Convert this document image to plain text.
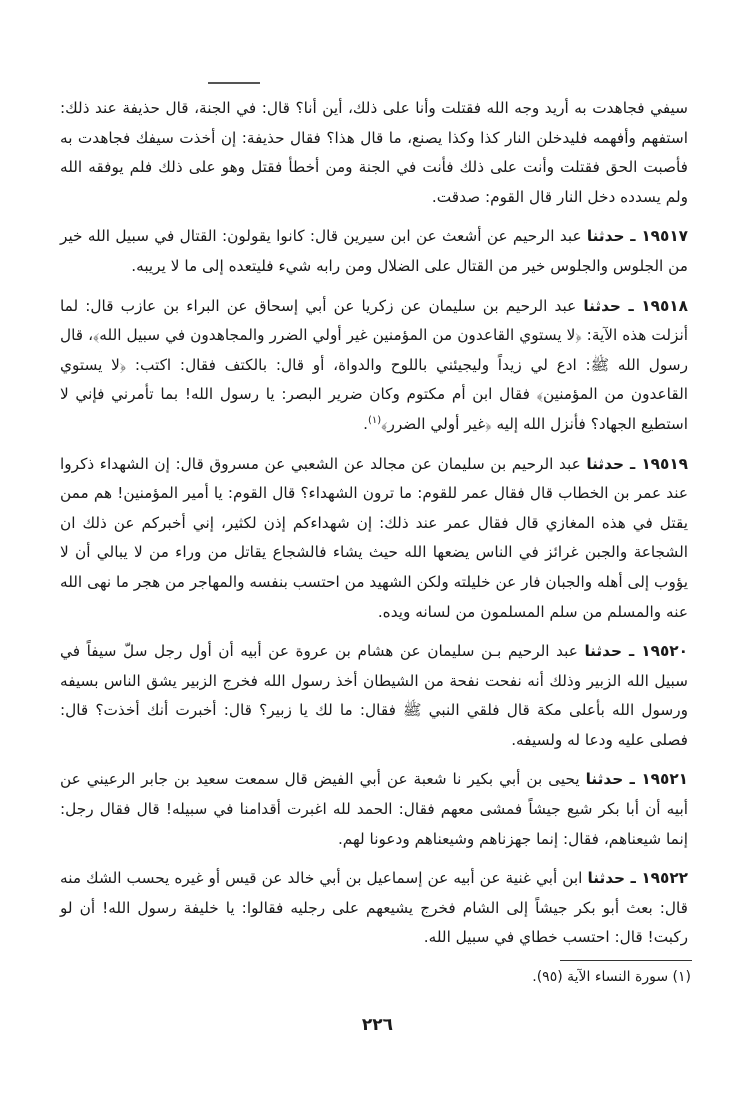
سيفي فجاهدت به أريد وجه الله فقتلت وأنا على ذلك، أين أنا؟ قال: في الجنة، قال حذيفة عند ذلك: استفهم وأفهمه فليدخلن النار كذا وكذا يصنع، ما قال هذا؟ فقال حذيفة: إن أخذت سيفك فجاهدت به فأصبت الحق فقتلت وأنت على ذلك فأنت في الجنة ومن أخطأ فقتل وهو على ذلك فلم يوفقه الله ولم يسدده دخل النار قال القوم: صدقت.

١٩٥١٧ ـ حدثنا عبد الرحيم عن أشعث عن ابن سيرين قال: كانوا يقولون: القتال في سبيل الله خير من الجلوس والجلوس خير من القتال على الضلال ومن رابه شيء فليتعده إلى ما لا يريبه.

١٩٥١٨ ـ حدثنا عبد الرحيم بن سليمان عن زكريا عن أبي إسحاق عن البراء بن عازب قال: لما أنزلت هذه الآية: ﴿لا يستوي القاعدون من المؤمنين غير أولي الضرر والمجاهدون في سبيل الله﴾، قال رسول الله ﷺ: ادع لي زيداً وليجيئني باللوح والدواة، أو قال: بالكتف فقال: اكتب: ﴿لا يستوي القاعدون من المؤمنين﴾ فقال ابن أم مكتوم وكان ضرير البصر: يا رسول الله! بما تأمرني فإني لا استطيع الجهاد؟ فأنزل الله إليه ﴿غير أولي الضرر﴾$^{(١)}$.

١٩٥١٩ ـ حدثنا عبد الرحيم بن سليمان عن مجالد عن الشعبي عن مسروق قال: إن الشهداء ذكروا عند عمر بن الخطاب قال فقال عمر للقوم: ما ترون الشهداء؟ قال القوم: يا أمير المؤمنين! هم ممن يقتل في هذه المغازي قال فقال عمر عند ذلك: إن شهداءكم إذن لكثير، إني أخبركم عن ذلك ان الشجاعة والجبن غرائز في الناس يضعها الله حيث يشاء فالشجاع يقاتل من وراء من لا يبالي أن لا يؤوب إلى أهله والجبان فار عن خليلته ولكن الشهيد من احتسب بنفسه والمهاجر من هجر ما نهى الله عنه والمسلم من سلم المسلمون من لسانه ويده.

١٩٥٢٠ ـ حدثنا عبد الرحيم بـن سليمان عن هشام بن عروة عن أبيه أن أول رجل سلّ سيفاً في سبيل الله الزبير وذلك أنه نفحت نفحة من الشيطان أخذ رسول الله فخرج الزبير يشق الناس بسيفه ورسول الله بأعلى مكة قال فلقي النبي ﷺ فقال: ما لك يا زبير؟ قال: أخبرت أنك أخذت؟ قال: فصلى عليه ودعا له ولسيفه.

١٩٥٢١ ـ حدثنا يحيى بن أبي بكير نا شعبة عن أبي الفيض قال سمعت سعيد بن جابر الرعيني عن أبيه أن أبا بكر شيع جيشاً فمشى معهم فقال: الحمد لله اغبرت أقدامنا في سبيله! قال فقال رجل: إنما شيعناهم، فقال: إنما جهزناهم وشيعناهم ودعونا لهم.

١٩٥٢٢ ـ حدثنا ابن أبي غنية عن أبيه عن إسماعيل بن أبي خالد عن قيس أو غيره يحسب الشك منه قال: بعث أبو بكر جيشاً إلى الشام فخرج يشيعهم على رجليه فقالوا: يا خليفة رسول الله! أن لو ركبت! قال: احتسب خطاي في سبيل الله.

(١) سورة النساء الآية (٩٥).
٢٢٦
